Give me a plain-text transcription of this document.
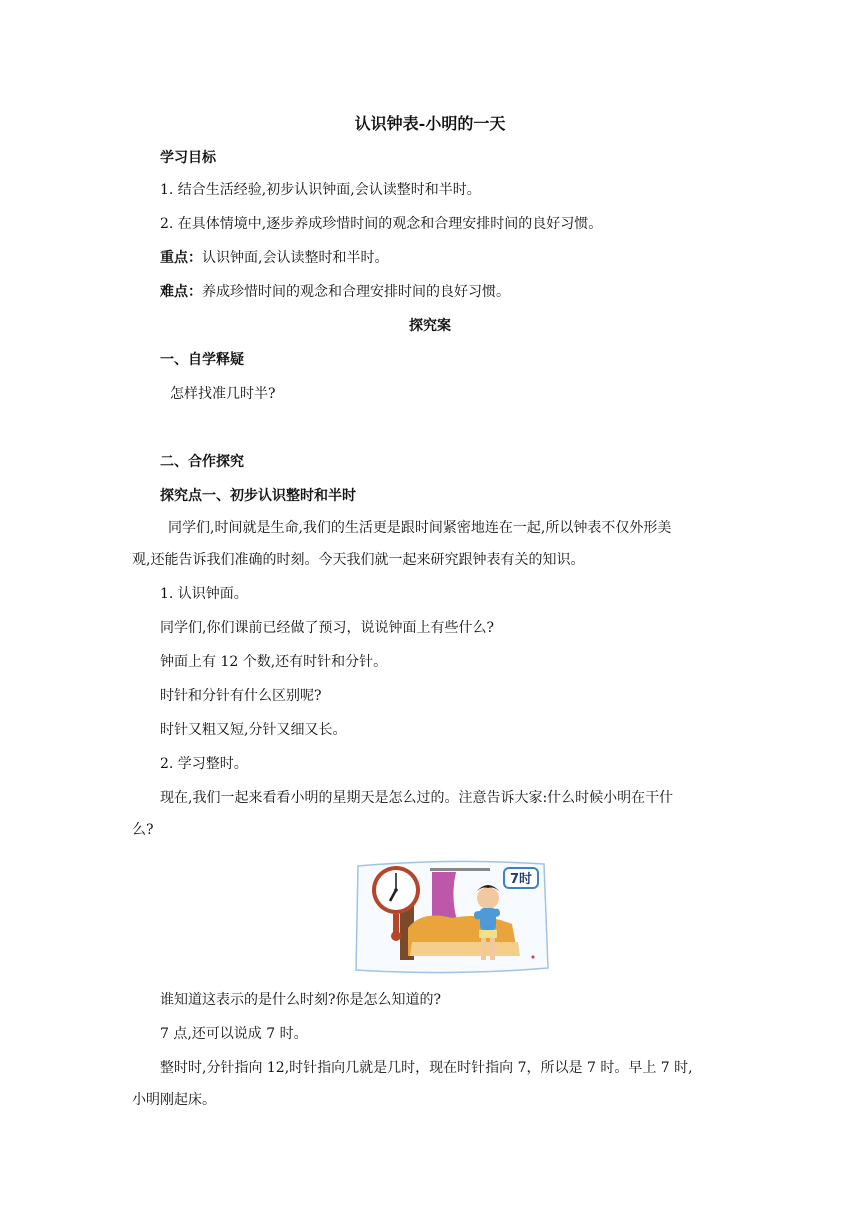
认识钟表-小明的一天
学习目标
1. 结合生活经验,初步认识钟面,会认读整时和半时。
2. 在具体情境中,逐步养成珍惜时间的观念和合理安排时间的良好习惯。
重点：认识钟面,会认读整时和半时。
难点：养成珍惜时间的观念和合理安排时间的良好习惯。
探究案
一、自学释疑
怎样找准几时半?
二、合作探究
探究点一、初步认识整时和半时
同学们,时间就是生命,我们的生活更是跟时间紧密地连在一起,所以钟表不仅外形美
观,还能告诉我们准确的时刻。今天我们就一起来研究跟钟表有关的知识。
1. 认识钟面。
同学们,你们课前已经做了预习，说说钟面上有些什么?
钟面上有 12 个数,还有时针和分针。
时针和分针有什么区别呢?
时针又粗又短,分针又细又长。
2. 学习整时。
现在,我们一起来看看小明的星期天是怎么过的。注意告诉大家:什么时候小明在干什
么?
7时
谁知道这表示的是什么时刻?你是怎么知道的?
7 点,还可以说成 7 时。
整时时,分针指向 12,时针指向几就是几时，现在时针指向 7，所以是 7 时。早上 7 时,
小明刚起床。
